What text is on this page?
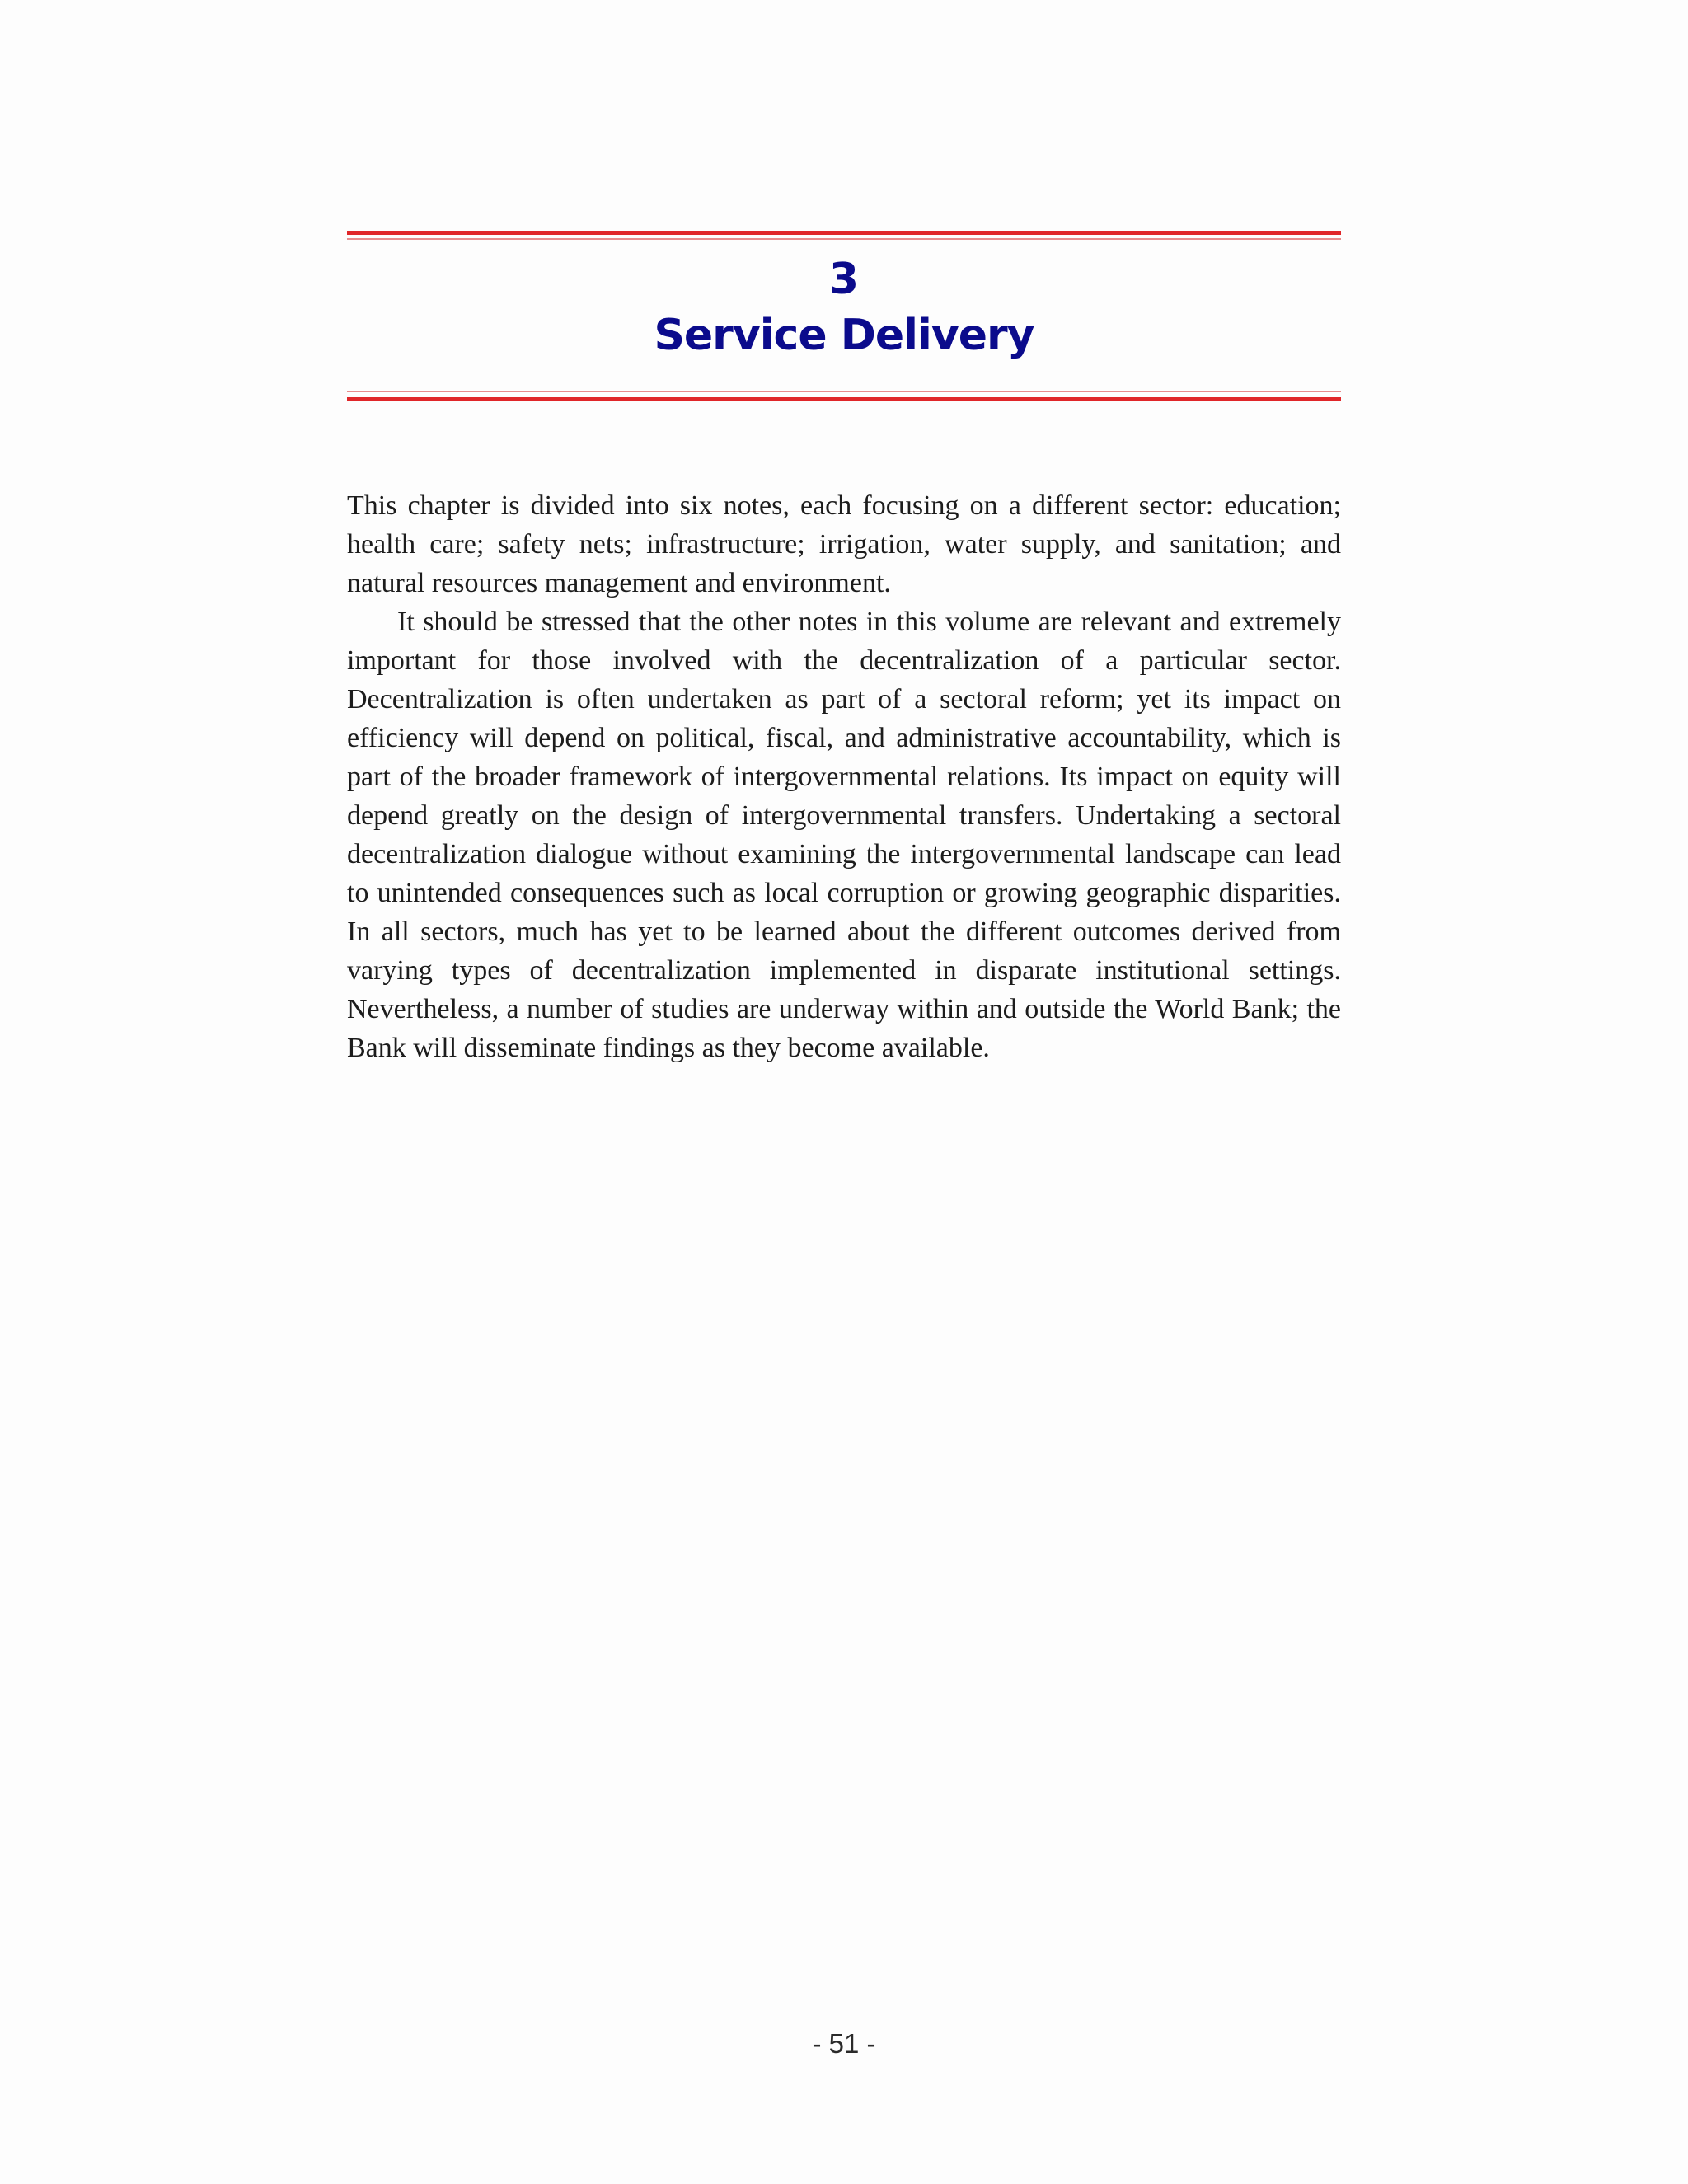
3
Service Delivery

This chapter is divided into six notes, each focusing on a different sector: education; health care; safety nets; infrastructure; irrigation, water supply, and sanitation; and natural resources management and environment.

It should be stressed that the other notes in this volume are relevant and extremely important for those involved with the decentralization of a particular sector. Decentralization is often undertaken as part of a sectoral reform; yet its impact on efficiency will depend on political, fiscal, and administrative accountability, which is part of the broader framework of intergovernmental relations. Its impact on equity will depend greatly on the design of intergovernmental transfers. Undertaking a sectoral decentralization dialogue without examining the intergovernmental landscape can lead to unintended consequences such as local corruption or growing geographic disparities. In all sectors, much has yet to be learned about the different outcomes derived from varying types of decentralization implemented in disparate institutional settings. Nevertheless, a number of studies are underway within and outside the World Bank; the Bank will disseminate findings as they become available.

- 51 -
